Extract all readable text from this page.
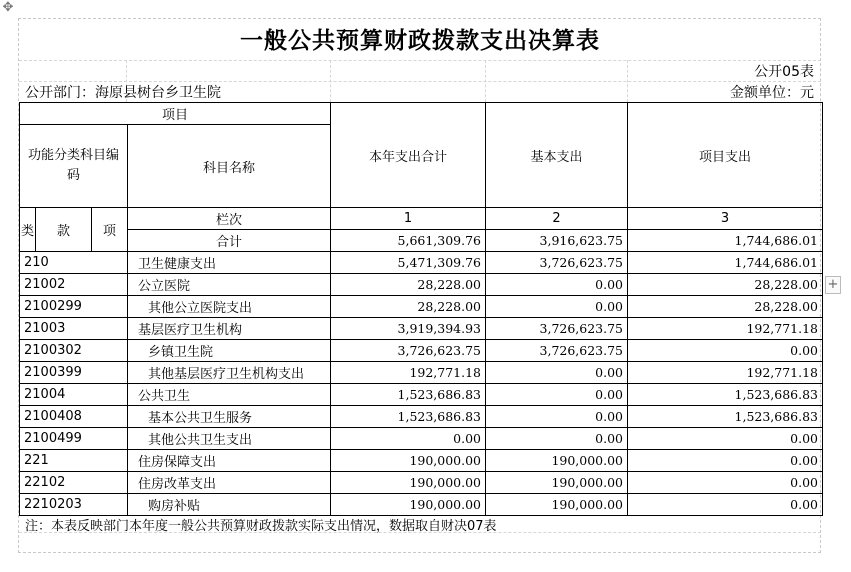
✥
+
一般公共预算财政拨款支出决算表
公开05表
公开部门：海原县树台乡卫生院	金额单位：元
项目				本年支出合计	基本支出	项目支出
功能分类科目编码			科目名称			
类	款	项	栏次	1	2	3
			合计	5,661,309.76	3,916,623.75	1,744,686.01
210			卫生健康支出	5,471,309.76	3,726,623.75	1,744,686.01
21002			公立医院	28,228.00	0.00	28,228.00
2100299			其他公立医院支出	28,228.00	0.00	28,228.00
21003			基层医疗卫生机构	3,919,394.93	3,726,623.75	192,771.18
2100302			乡镇卫生院	3,726,623.75	3,726,623.75	0.00
2100399			其他基层医疗卫生机构支出	192,771.18	0.00	192,771.18
21004			公共卫生	1,523,686.83	0.00	1,523,686.83
2100408			基本公共卫生服务	1,523,686.83	0.00	1,523,686.83
2100499			其他公共卫生支出	0.00	0.00	0.00
221			住房保障支出	190,000.00	190,000.00	0.00
22102			住房改革支出	190,000.00	190,000.00	0.00
2210203			购房补贴	190,000.00	190,000.00	0.00
注：本表反映部门本年度一般公共预算财政拨款实际支出情况，数据取自财决07表
